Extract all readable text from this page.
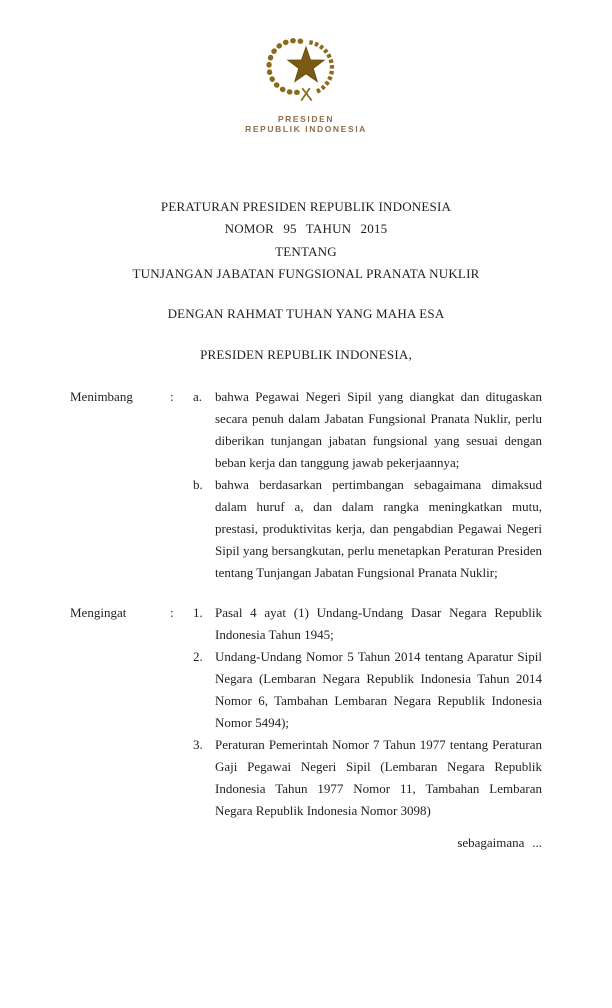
PRESIDEN
REPUBLIK INDONESIA
PERATURAN PRESIDEN REPUBLIK INDONESIA
NOMOR 95 TAHUN 2015
TENTANG
TUNJANGAN JABATAN FUNGSIONAL PRANATA NUKLIR
DENGAN RAHMAT TUHAN YANG MAHA ESA
PRESIDEN REPUBLIK INDONESIA,
Menimbang	:	a. bahwa Pegawai Negeri Sipil yang diangkat dan ditugaskan secara penuh dalam Jabatan Fungsional Pranata Nuklir, perlu diberikan tunjangan jabatan fungsional yang sesuai dengan beban kerja dan tanggung jawab pekerjaannya;
b. bahwa berdasarkan pertimbangan sebagaimana dimaksud dalam huruf a, dan dalam rangka meningkatkan mutu, prestasi, produktivitas kerja, dan pengabdian Pegawai Negeri Sipil yang bersangkutan, perlu menetapkan Peraturan Presiden tentang Tunjangan Jabatan Fungsional Pranata Nuklir;
Mengingat	:	1. Pasal 4 ayat (1) Undang-Undang Dasar Negara Republik Indonesia Tahun 1945;
2. Undang-Undang Nomor 5 Tahun 2014 tentang Aparatur Sipil Negara (Lembaran Negara Republik Indonesia Tahun 2014 Nomor 6, Tambahan Lembaran Negara Republik Indonesia Nomor 5494);
3. Peraturan Pemerintah Nomor 7 Tahun 1977 tentang Peraturan Gaji Pegawai Negeri Sipil (Lembaran Negara Republik Indonesia Tahun 1977 Nomor 11, Tambahan Lembaran Negara Republik Indonesia Nomor 3098)
sebagaimana ...
